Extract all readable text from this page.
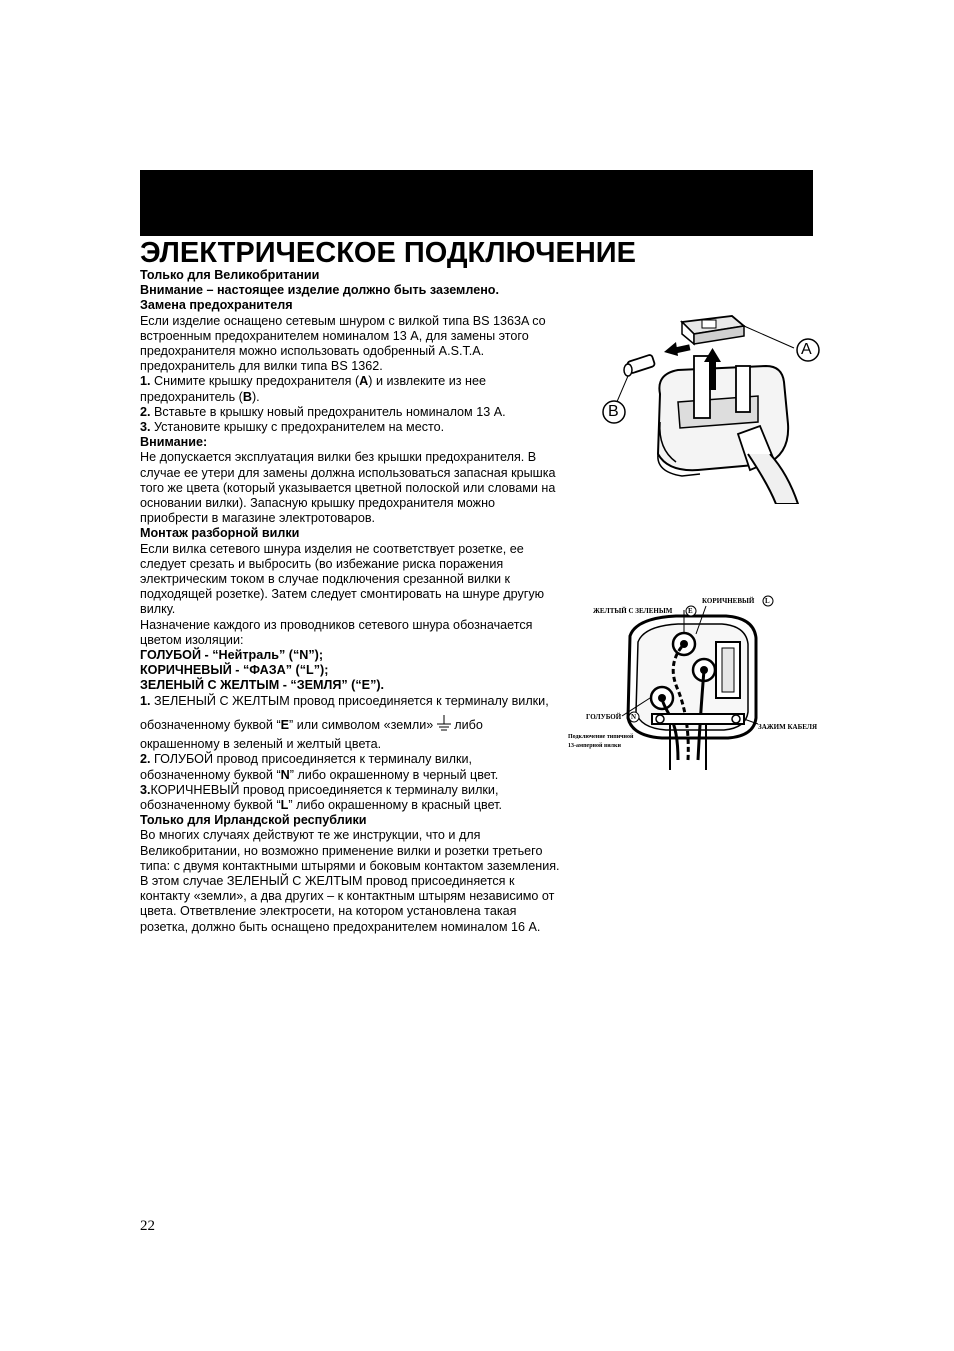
ЭЛЕКТРИЧЕСКОЕ ПОДКЛЮЧЕНИЕ

Только для Великобритании

Внимание – настоящее изделие должно быть заземлено.

Замена предохранителя

Если изделие оснащено сетевым шнуром с вилкой типа BS 1363A со

встроенным предохранителем номиналом 13 А, для замены этого

предохранителя можно использовать одобренный A.S.T.A.

предохранитель для вилки типа BS 1362.

1. Снимите крышку предохранителя (A) и извлеките из нее

предохранитель (B).

2. Вставьте в крышку новый предохранитель номиналом 13 А.

3. Установите крышку с предохранителем на место.

Внимание:

Не допускается эксплуатация вилки без крышки предохранителя. В

случае ее утери для замены должна использоваться запасная крышка

того же цвета (который указывается цветной полоской или словами на

основании вилки). Запасную крышку предохранителя можно

приобрести в магазине электротоваров.

Монтаж разборной вилки

Если вилка сетевого шнура изделия не соответствует розетке, ее

следует срезать и выбросить (во избежание риска поражения

электрическим током в случае подключения срезанной вилки к

подходящей розетке). Затем следует смонтировать на шнуре другую

вилку.

Назначение каждого из проводников сетевого шнура обозначается

цветом изоляции:

ГОЛУБОЙ - “Нейтраль” (“N”);

КОРИЧНЕВЫЙ - “ФАЗА” (“L”);

ЗЕЛЕНЫЙ С ЖЕЛТЫМ - “ЗЕМЛЯ” (“E”).

1. ЗЕЛЕНЫЙ С ЖЕЛТЫМ провод присоединяется к терминалу вилки,

обозначенному буквой “E” или символом «земли»  либо

окрашенному в зеленый и желтый цвета.

2. ГОЛУБОЙ провод присоединяется к терминалу вилки,

обозначенному буквой “N” либо окрашенному в черный цвет.

3.КОРИЧНЕВЫЙ провод присоединяется к терминалу вилки,

обозначенному буквой “L” либо окрашенному в красный цвет.

Только для Ирландской республики

Во многих случаях действуют те же инструкции, что и для

Великобритании, но возможно применение вилки и розетки третьего

типа: с двумя контактными штырями и боковым контактом заземления.

В этом случае ЗЕЛЕНЫЙ С ЖЕЛТЫМ провод присоединяется к

контакту «земли», а два других – к контактным штырям независимо от

цвета. Ответвление электросети, на котором установлена такая

розетка, должно быть оснащено предохранителем номиналом 16 А.

A
B
ЖЕЛТЫЙ С ЗЕЛЕНЫМ E
КОРИЧНЕВЫЙ L
ГОЛУБОЙ N
ЗАЖИМ КАБЕЛЯ
Подключение типичной
13-амперной вилки
22
